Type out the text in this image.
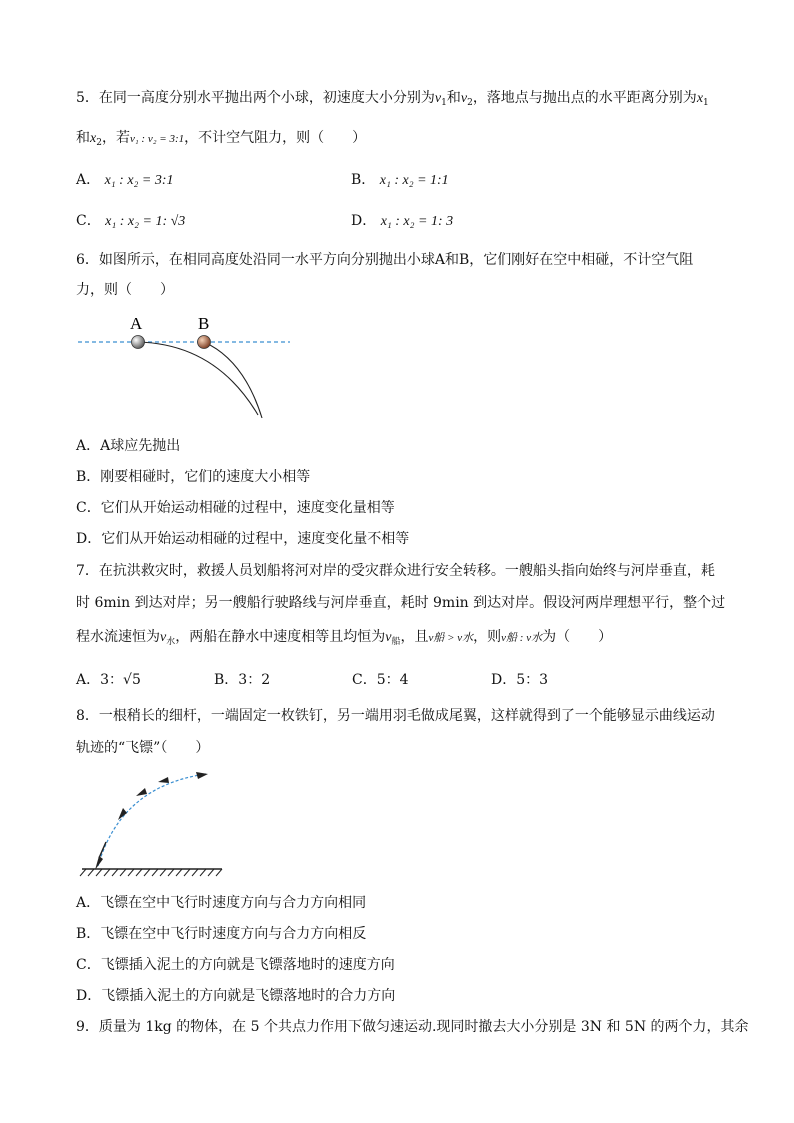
5．在同一高度分别水平抛出两个小球，初速度大小分别为$v_1$和$v_2$，落地点与抛出点的水平距离分别为$x_1$
和$x_2$，若v₁ : v₂ = 3:1，不计空气阻力，则（　　）
A． x₁ : x₂ = 3:1	B． x₁ : x₂ = 1:1
C． x₁ : x₂ = 1: √3	D． x₁ : x₂ = 1: 3
6．如图所示，在相同高度处沿同一水平方向分别抛出小球A和B，它们刚好在空中相碰，不计空气阻
力，则（　　）
A	B
A．A球应先抛出
B．刚要相碰时，它们的速度大小相等
C．它们从开始运动相碰的过程中，速度变化量相等
D．它们从开始运动相碰的过程中，速度变化量不相等
7．在抗洪救灾时，救援人员划船将河对岸的受灾群众进行安全转移。一艘船头指向始终与河岸垂直，耗
时 6min 到达对岸；另一艘船行驶路线与河岸垂直，耗时 9min 到达对岸。假设河两岸理想平行，整个过
程水流速恒为$v_水$，两船在静水中速度相等且均恒为$v_船$，且v船 > v水，则v船 : v水为（　　）
A．3：√5	B．3：2	C．5：4	D．5：3
8．一根稍长的细杆，一端固定一枚铁钉，另一端用羽毛做成尾翼，这样就得到了一个能够显示曲线运动
轨迹的“飞镖”（　　）
A．飞镖在空中飞行时速度方向与合力方向相同
B．飞镖在空中飞行时速度方向与合力方向相反
C．飞镖插入泥土的方向就是飞镖落地时的速度方向
D．飞镖插入泥土的方向就是飞镖落地时的合力方向
9．质量为 1kg 的物体，在 5 个共点力作用下做匀速运动.现同时撤去大小分别是 3N 和 5N 的两个力，其余
